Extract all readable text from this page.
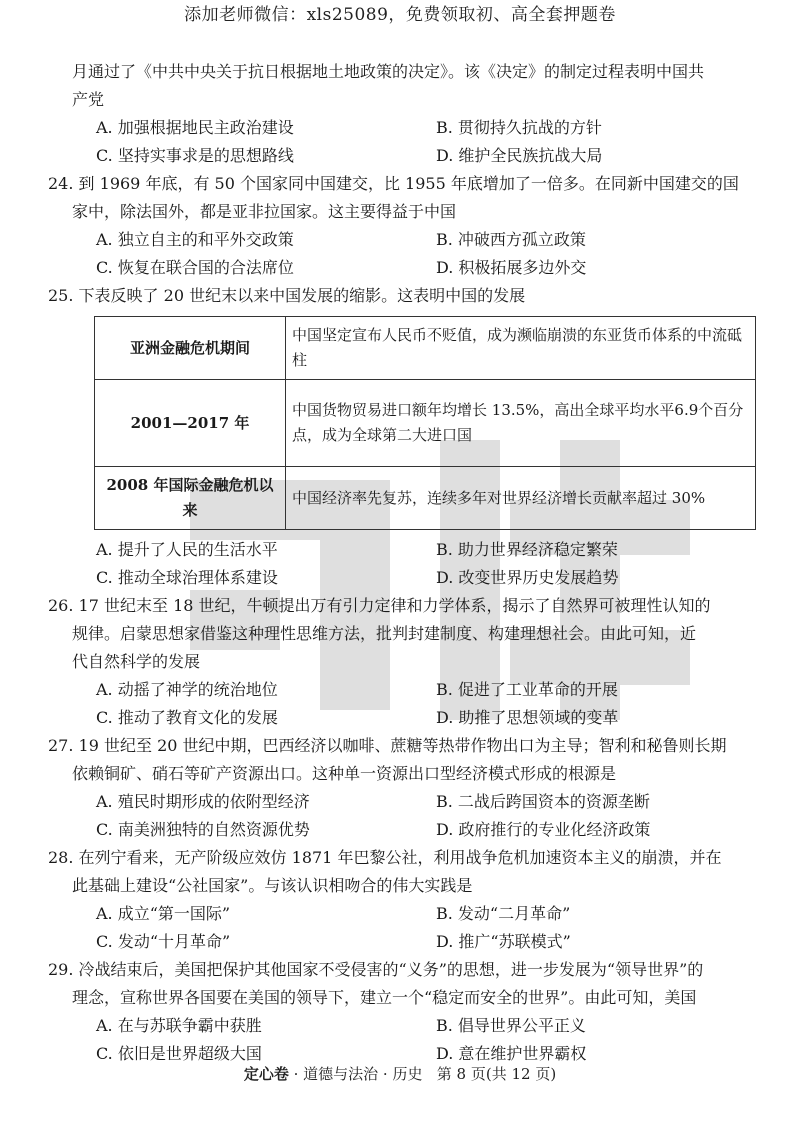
添加老师微信：xls25089，免费领取初、高全套押题卷

月通过了《中共中央关于抗日根据地土地政策的决定》。该《决定》的制定过程表明中国共

产党

A. 加强根据地民主政治建设	B. 贯彻持久抗战的方针
C. 坚持实事求是的思想路线	D. 维护全民族抗战大局

24. 到 1969 年底，有 50 个国家同中国建交，比 1955 年底增加了一倍多。在同新中国建交的国

家中，除法国外，都是亚非拉国家。这主要得益于中国

A. 独立自主的和平外交政策	B. 冲破西方孤立政策
C. 恢复在联合国的合法席位	D. 积极拓展多边外交

25. 下表反映了 20 世纪末以来中国发展的缩影。这表明中国的发展

亚洲金融危机期间	中国坚定宣布人民币不贬值，成为濒临崩溃的东亚货币体系的中流砥柱
2001—2017 年	中国货物贸易进口额年均增长 13.5%，高出全球平均水平6.9个百分点，成为全球第二大进口国
2008 年国际金融危机以来	中国经济率先复苏，连续多年对世界经济增长贡献率超过 30%
A. 提升了人民的生活水平	B. 助力世界经济稳定繁荣
C. 推动全球治理体系建设	D. 改变世界历史发展趋势

26. 17 世纪末至 18 世纪，牛顿提出万有引力定律和力学体系，揭示了自然界可被理性认知的

规律。启蒙思想家借鉴这种理性思维方法，批判封建制度、构建理想社会。由此可知，近

代自然科学的发展

A. 动摇了神学的统治地位	B. 促进了工业革命的开展
C. 推动了教育文化的发展	D. 助推了思想领域的变革

27. 19 世纪至 20 世纪中期，巴西经济以咖啡、蔗糖等热带作物出口为主导；智利和秘鲁则长期

依赖铜矿、硝石等矿产资源出口。这种单一资源出口型经济模式形成的根源是

A. 殖民时期形成的依附型经济	B. 二战后跨国资本的资源垄断
C. 南美洲独特的自然资源优势	D. 政府推行的专业化经济政策

28. 在列宁看来，无产阶级应效仿 1871 年巴黎公社，利用战争危机加速资本主义的崩溃，并在

此基础上建设“公社国家”。与该认识相吻合的伟大实践是

A. 成立“第一国际”	B. 发动“二月革命”
C. 发动“十月革命”	D. 推广“苏联模式”

29. 冷战结束后，美国把保护其他国家不受侵害的“义务”的思想，进一步发展为“领导世界”的

理念，宣称世界各国要在美国的领导下，建立一个“稳定而安全的世界”。由此可知，美国

A. 在与苏联争霸中获胜	B. 倡导世界公平正义
C. 依旧是世界超级大国	D. 意在维护世界霸权
定心卷 · 道德与法治 · 历史 第 8 页(共 12 页)
